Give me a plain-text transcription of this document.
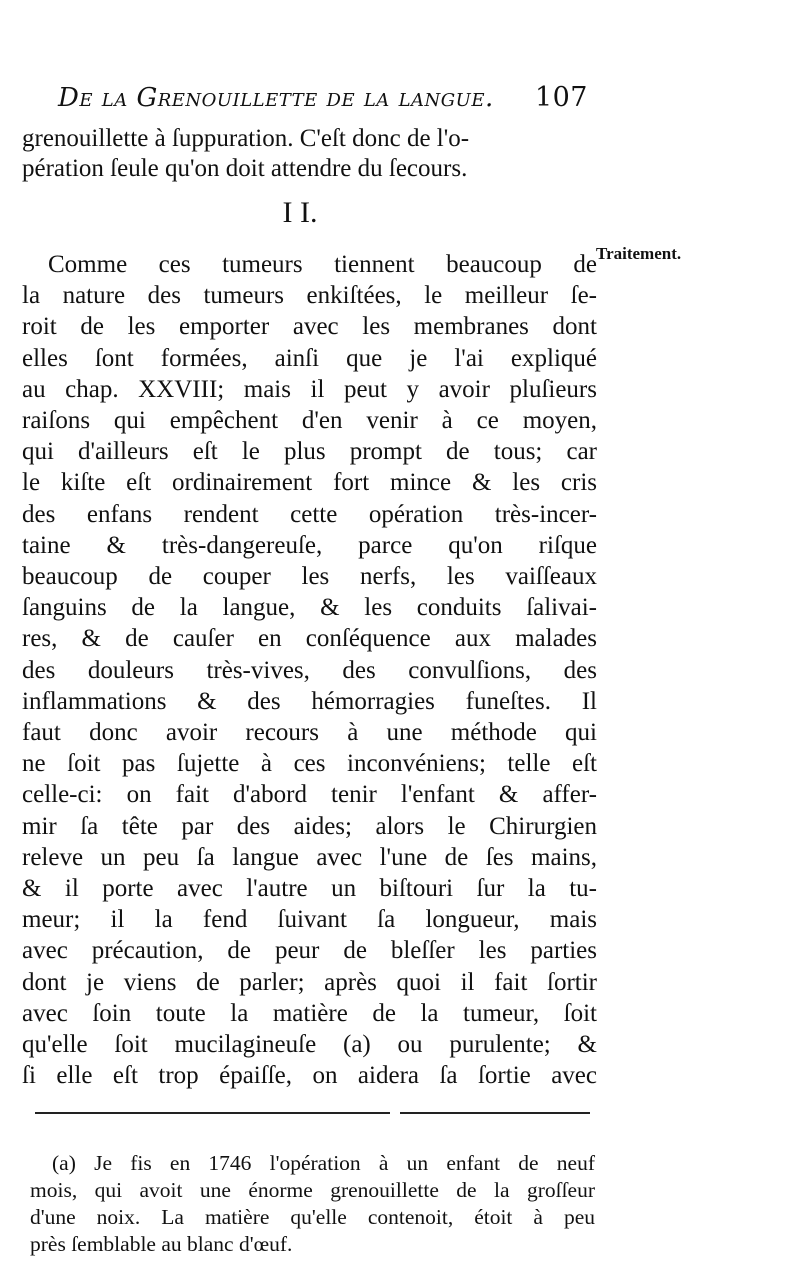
De la Grenouillette de la langue. 107
I I.
Traitement.
grenouillette à ſuppuration. C'eſt donc de l'o-
pération ſeule qu'on doit attendre du ſecours.
Comme ces tumeurs tiennent beaucoup de
la nature des tumeurs enkiſtées, le meilleur ſe-
roit de les emporter avec les membranes dont
elles ſont formées, ainſi que je l'ai expliqué
au chap. XXVIII; mais il peut y avoir pluſieurs
raiſons qui empêchent d'en venir à ce moyen,
qui d'ailleurs eſt le plus prompt de tous; car
le kiſte eſt ordinairement fort mince & les cris
des enfans rendent cette opération très-incer-
taine & très-dangereuſe, parce qu'on riſque
beaucoup de couper les nerfs, les vaiſſeaux
ſanguins de la langue, & les conduits ſalivai-
res, & de cauſer en conſéquence aux malades
des douleurs très-vives, des convulſions, des
inflammations & des hémorragies funeſtes. Il
faut donc avoir recours à une méthode qui
ne ſoit pas ſujette à ces inconvéniens; telle eſt
celle-ci: on fait d'abord tenir l'enfant & affer-
mir ſa tête par des aides; alors le Chirurgien
releve un peu ſa langue avec l'une de ſes mains,
& il porte avec l'autre un biſtouri ſur la tu-
meur; il la fend ſuivant ſa longueur, mais
avec précaution, de peur de bleſſer les parties
dont je viens de parler; après quoi il fait ſortir
avec ſoin toute la matière de la tumeur, ſoit
qu'elle ſoit mucilagineuſe (a) ou purulente; &
ſi elle eſt trop épaiſſe, on aidera ſa ſortie avec
(a) Je fis en 1746 l'opération à un enfant de neuf
mois, qui avoit une énorme grenouillette de la groſſeur
d'une noix. La matière qu'elle contenoit, étoit à peu
près ſemblable au blanc d'œuf.
